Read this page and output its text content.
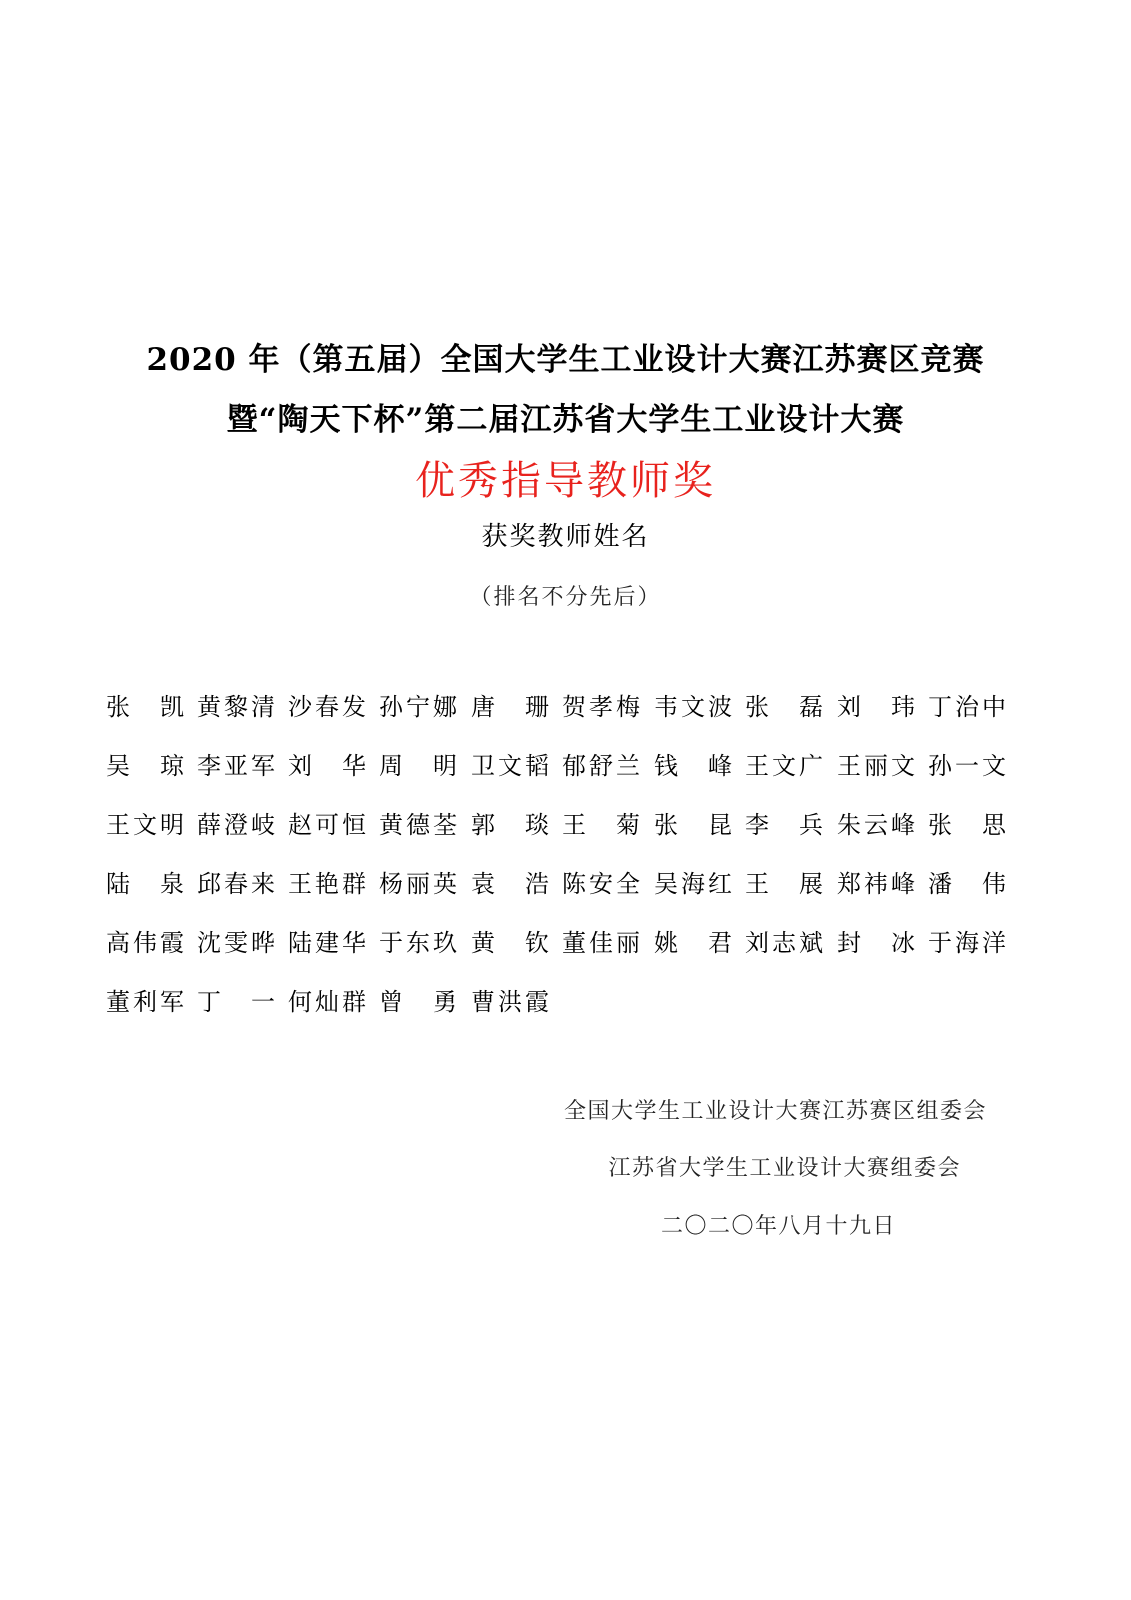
2020 年（第五届）全国大学生工业设计大赛江苏赛区竞赛
暨“陶天下杯”第二届江苏省大学生工业设计大赛
优秀指导教师奖
获奖教师姓名
（排名不分先后）
张 凯 黄 黎 清 沙 春 发 孙 宁 娜 唐 珊 贺 孝 梅 韦 文 波 张 磊 刘 玮 丁 治 中
吴 琼 李 亚 军 刘 华 周 明 卫 文 韬 郁 舒 兰 钱 峰 王 文 广 王 丽 文 孙 一 文
王 文 明 薛 澄 岐 赵 可 恒 黄 德 荃 郭 琰 王 菊 张 昆 李 兵 朱 云 峰 张 思
陆 泉 邱 春 来 王 艳 群 杨 丽 英 袁 浩 陈 安 全 吴 海 红 王 展 郑 祎 峰 潘 伟
高 伟 霞 沈 雯 晔 陆 建 华 于 东 玖 黄 钦 董 佳 丽 姚 君 刘 志 斌 封 冰 于 海 洋
董 利 军 丁 一 何 灿 群 曾 勇 曹 洪 霞
全国大学生工业设计大赛江苏赛区组委会
江苏省大学生工业设计大赛组委会
二〇二〇年八月十九日
